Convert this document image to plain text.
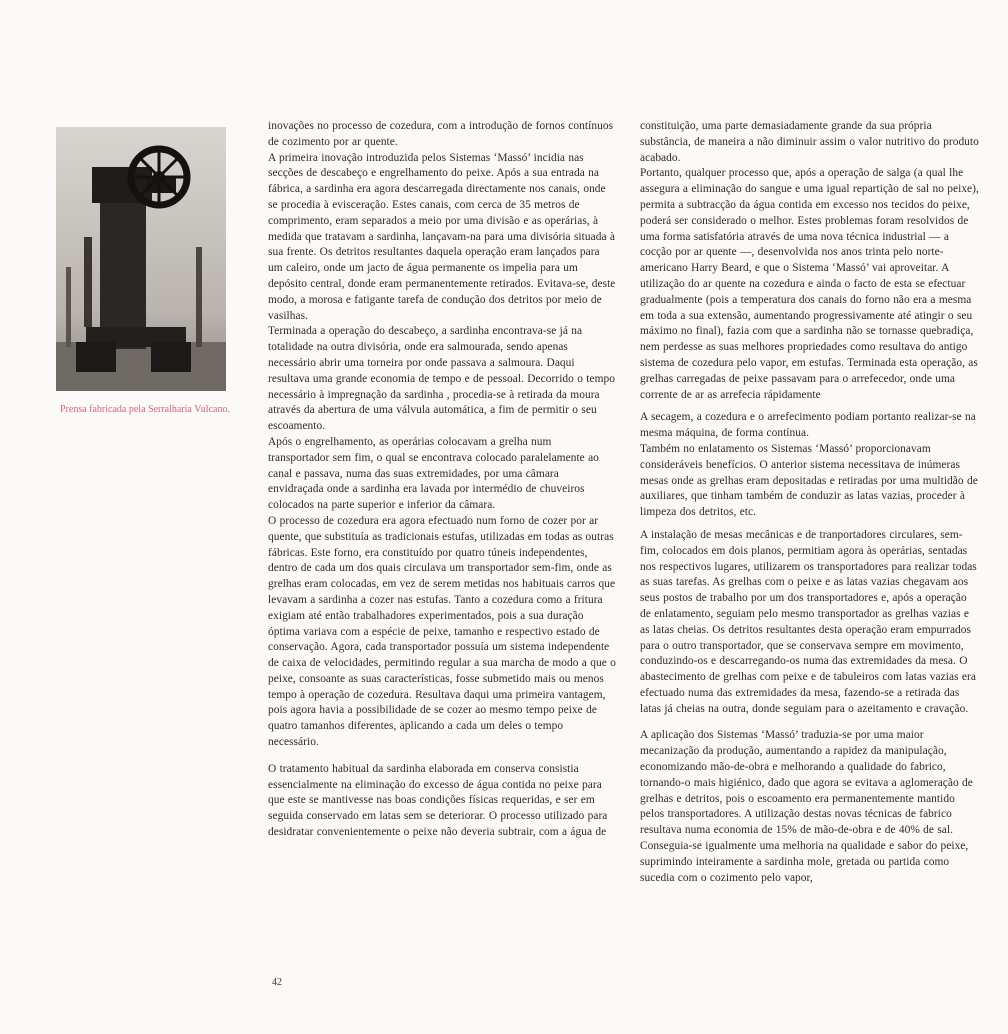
Prensa fabricada pela Serralharia Vulcano.

inovações no processo de cozedura, com a introdução de fornos contínuos de cozimento por ar quente.

A primeira inovação introduzida pelos Sistemas ‘Massó’ incidia nas secções de descabeço e engrelhamento do peixe. Após a sua entrada na fábrica, a sardinha era agora descarregada directamente nos canais, onde se procedia à evisceração. Estes canais, com cerca de 35 metros de comprimento, eram separados a meio por uma divisão e as operárias, à medida que tratavam a sardinha, lançavam-na para uma divisória situada à sua frente. Os detritos resultantes daquela operação eram lançados para um caleiro, onde um jacto de água permanente os impelia para um depósito central, donde eram permanentemente retirados. Evitava-se, deste modo, a morosa e fatigante tarefa de condução dos detritos por meio de vasilhas.

Terminada a operação do descabeço, a sardinha encontrava-se já na totalidade na outra divisória, onde era salmourada, sendo apenas necessário abrir uma torneira por onde passava a salmoura. Daqui resultava uma grande economia de tempo e de pessoal. Decorrido o tempo necessário à impregnação da sardinha , procedia-se à retirada da moura através da abertura de uma válvula automática, a fim de permitir o seu escoamento.

Após o engrelhamento, as operárias colocavam a grelha num transportador sem fim, o qual se encontrava colocado paralelamente ao canal e passava, numa das suas extremidades, por uma câmara envidraçada onde a sardinha era lavada por intermédio de chuveiros colocados na parte superior e inferior da câmara.

O processo de cozedura era agora efectuado num forno de cozer por ar quente, que substituía as tradicionais estufas, utilizadas em todas as outras fábricas. Este forno, era constituído por quatro túneis independentes, dentro de cada um dos quais circulava um transportador sem-fim, onde as grelhas eram colocadas, em vez de serem metidas nos habituais carros que levavam a sardinha a cozer nas estufas. Tanto a cozedura como a fritura exigiam até então trabalhadores experimentados, pois a sua duração óptima variava com a espécie de peixe, tamanho e respectivo estado de conservação. Agora, cada transportador possuía um sistema independente de caixa de velocidades, permitindo regular a sua marcha de modo a que o peixe, consoante as suas características, fosse submetido mais ou menos tempo à operação de cozedura. Resultava daqui uma primeira vantagem, pois agora havia a possibilidade de se cozer ao mesmo tempo peixe de quatro tamanhos diferentes, aplicando a cada um deles o tempo necessário.

O tratamento habitual da sardinha elaborada em conserva consistia essencialmente na eliminação do excesso de água contida no peixe para que este se mantivesse nas boas condições físicas requeridas, e ser em seguida conservado em latas sem se deteriorar. O processo utilizado para desidratar convenientemente o peixe não deveria subtrair, com a água de

constituição, uma parte demasiadamente grande da sua própria substância, de maneira a não diminuir assim o valor nutritivo do produto acabado.

Portanto, qualquer processo que, após a operação de salga (a qual lhe assegura a eliminação do sangue e uma igual repartição de sal no peixe), permita a subtracção da água contida em excesso nos tecidos do peixe, poderá ser considerado o melhor. Estes problemas foram resolvidos de uma forma satisfatória através de uma nova técnica industrial — a cocção por ar quente —, desenvolvida nos anos trinta pelo norte-americano Harry Beard, e que o Sistema ‘Massó’ vai aproveitar. A utilização do ar quente na cozedura e ainda o facto de esta se efectuar gradualmente (pois a temperatura dos canais do forno não era a mesma em toda a sua extensão, aumentando progressivamente até atingir o seu máximo no final), fazia com que a sardinha não se tornasse quebradiça, nem perdesse as suas melhores propriedades como resultava do antigo sistema de cozedura pelo vapor, em estufas. Terminada esta operação, as grelhas carregadas de peixe passavam para o arrefecedor, onde uma corrente de ar as arrefecia rápidamente

A secagem, a cozedura e o arrefecimento podiam portanto realizar-se na mesma máquina, de forma contínua.

Também no enlatamento os Sistemas ‘Massó’ proporcionavam consideráveis benefícios. O anterior sistema necessitava de inúmeras mesas onde as grelhas eram depositadas e retiradas por uma multidão de auxiliares, que tinham também de conduzir as latas vazias, proceder à limpeza dos detritos, etc.

A instalação de mesas mecânicas e de tranportadores circulares, sem-fim, colocados em dois planos, permitiam agora às operárias, sentadas nos respectivos lugares, utilizarem os transportadores para realizar todas as suas tarefas. As grelhas com o peixe e as latas vazias chegavam aos seus postos de trabalho por um dos transportadores e, após a operação de enlatamento, seguiam pelo mesmo transportador as grelhas vazias e as latas cheias. Os detritos resultantes desta operação eram empurrados para o outro transportador, que se conservava sempre em movimento, conduzindo-os e descarregando-os numa das extremidades da mesa. O abastecimento de grelhas com peixe e de tabuleiros com latas vazias era efectuado numa das extremidades da mesa, fazendo-se a retirada das latas já cheias na outra, donde seguiam para o azeitamento e cravação.

A aplicação dos Sistemas ‘Massó’ traduzia-se por uma maior mecanização da produção, aumentando a rapidez da manipulação, economizando mão-de-obra e melhorando a qualidade do fabrico, tornando-o mais higiénico, dado que agora se evitava a aglomeração de grelhas e detritos, pois o escoamento era permanentemente mantido pelos transportadores. A utilização destas novas técnicas de fabrico resultava numa economia de 15% de mão-de-obra e de 40% de sal. Conseguia-se igualmente uma melhoria na qualidade e sabor do peixe, suprimindo inteiramente a sardinha mole, gretada ou partida como sucedia com o cozimento pelo vapor,

42
